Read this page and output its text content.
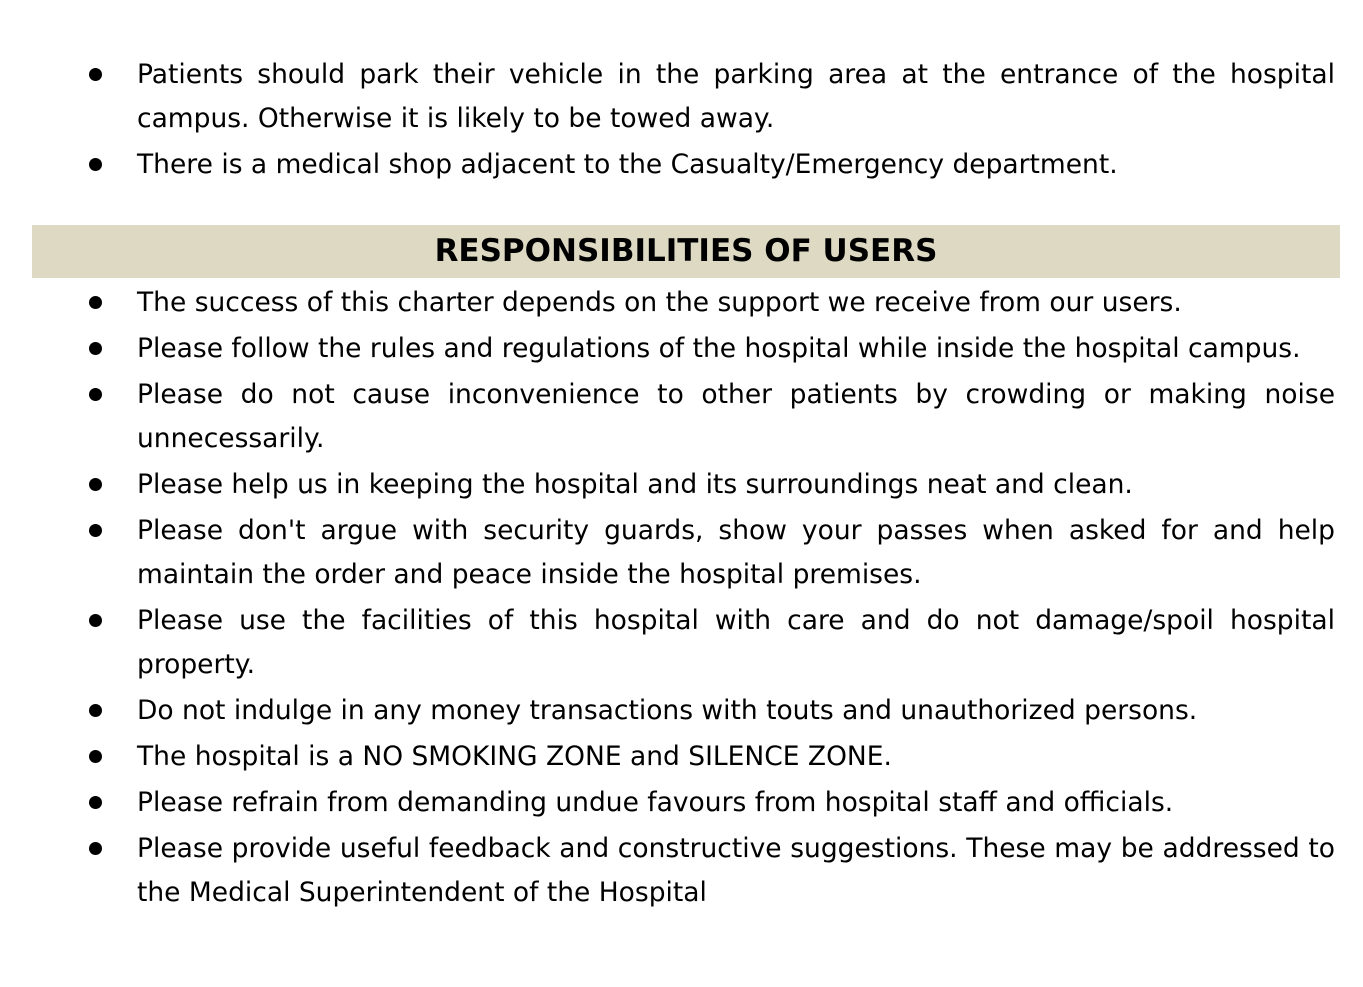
Patients should park their vehicle in the parking area at the entrance of the hospital campus. Otherwise it is likely to be towed away.
There is a medical shop adjacent to the Casualty/Emergency department.
RESPONSIBILITIES OF USERS
The success of this charter depends on the support we receive from our users.
Please follow the rules and regulations of the hospital while inside the hospital campus.
Please do not cause inconvenience to other patients by crowding or making noise unnecessarily.
Please help us in keeping the hospital and its surroundings neat and clean.
Please don't argue with security guards, show your passes when asked for and help maintain the order and peace inside the hospital premises.
Please use the facilities of this hospital with care and do not damage/spoil hospital property.
Do not indulge in any money transactions with touts and unauthorized persons.
The hospital is a NO SMOKING ZONE and SILENCE ZONE.
Please refrain from demanding undue favours from hospital staff and officials.
Please provide useful feedback and constructive suggestions. These may be addressed to the Medical Superintendent of the Hospital
